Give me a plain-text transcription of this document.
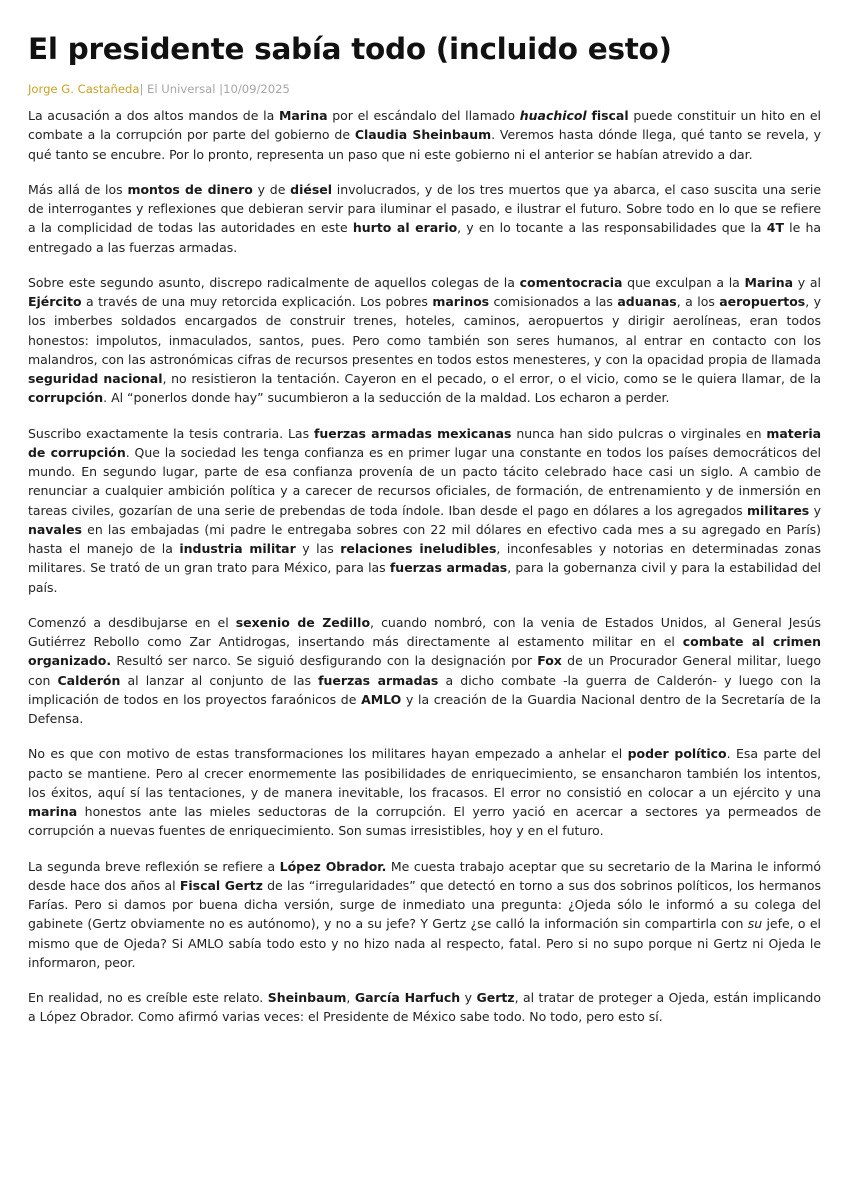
El presidente sabía todo (incluido esto)
Jorge G. Castañeda| El Universal |10/09/2025

La acusación a dos altos mandos de la Marina por el escándalo del llamado huachicol fiscal puede constituir un hito en el combate a la corrupción por parte del gobierno de Claudia Sheinbaum. Veremos hasta dónde llega, qué tanto se revela, y qué tanto se encubre. Por lo pronto, representa un paso que ni este gobierno ni el anterior se habían atrevido a dar.

Más allá de los montos de dinero y de diésel involucrados, y de los tres muertos que ya abarca, el caso suscita una serie de interrogantes y reflexiones que debieran servir para iluminar el pasado, e ilustrar el futuro. Sobre todo en lo que se refiere a la complicidad de todas las autoridades en este hurto al erario, y en lo tocante a las responsabilidades que la 4T le ha entregado a las fuerzas armadas.

Sobre este segundo asunto, discrepo radicalmente de aquellos colegas de la comentocracia que exculpan a la Marina y al Ejército a través de una muy retorcida explicación. Los pobres marinos comisionados a las aduanas, a los aeropuertos, y los imberbes soldados encargados de construir trenes, hoteles, caminos, aeropuertos y dirigir aerolíneas, eran todos honestos: impolutos, inmaculados, santos, pues. Pero como también son seres humanos, al entrar en contacto con los malandros, con las astronómicas cifras de recursos presentes en todos estos menesteres, y con la opacidad propia de llamada seguridad nacional, no resistieron la tentación. Cayeron en el pecado, o el error, o el vicio, como se le quiera llamar, de la corrupción. Al “ponerlos donde hay” sucumbieron a la seducción de la maldad. Los echaron a perder.

Suscribo exactamente la tesis contraria. Las fuerzas armadas mexicanas nunca han sido pulcras o virginales en materia de corrupción. Que la sociedad les tenga confianza es en primer lugar una constante en todos los países democráticos del mundo. En segundo lugar, parte de esa confianza provenía de un pacto tácito celebrado hace casi un siglo. A cambio de renunciar a cualquier ambición política y a carecer de recursos oficiales, de formación, de entrenamiento y de inmersión en tareas civiles, gozarían de una serie de prebendas de toda índole. Iban desde el pago en dólares a los agregados militares y navales en las embajadas (mi padre le entregaba sobres con 22 mil dólares en efectivo cada mes a su agregado en París) hasta el manejo de la industria militar y las relaciones ineludibles, inconfesables y notorias en determinadas zonas militares. Se trató de un gran trato para México, para las fuerzas armadas, para la gobernanza civil y para la estabilidad del país.

Comenzó a desdibujarse en el sexenio de Zedillo, cuando nombró, con la venia de Estados Unidos, al General Jesús Gutiérrez Rebollo como Zar Antidrogas, insertando más directamente al estamento militar en el combate al crimen organizado. Resultó ser narco. Se siguió desfigurando con la designación por Fox de un Procurador General militar, luego con Calderón al lanzar al conjunto de las fuerzas armadas a dicho combate -la guerra de Calderón- y luego con la implicación de todos en los proyectos faraónicos de AMLO y la creación de la Guardia Nacional dentro de la Secretaría de la Defensa.

No es que con motivo de estas transformaciones los militares hayan empezado a anhelar el poder político. Esa parte del pacto se mantiene. Pero al crecer enormemente las posibilidades de enriquecimiento, se ensancharon también los intentos, los éxitos, aquí sí las tentaciones, y de manera inevitable, los fracasos. El error no consistió en colocar a un ejército y una marina honestos ante las mieles seductoras de la corrupción. El yerro yació en acercar a sectores ya permeados de corrupción a nuevas fuentes de enriquecimiento. Son sumas irresistibles, hoy y en el futuro.

La segunda breve reflexión se refiere a López Obrador. Me cuesta trabajo aceptar que su secretario de la Marina le informó desde hace dos años al Fiscal Gertz de las “irregularidades” que detectó en torno a sus dos sobrinos políticos, los hermanos Farías. Pero si damos por buena dicha versión, surge de inmediato una pregunta: ¿Ojeda sólo le informó a su colega del gabinete (Gertz obviamente no es autónomo), y no a su jefe? Y Gertz ¿se calló la información sin compartirla con su jefe, o el mismo que de Ojeda? Si AMLO sabía todo esto y no hizo nada al respecto, fatal. Pero si no supo porque ni Gertz ni Ojeda le informaron, peor.

En realidad, no es creíble este relato. Sheinbaum, García Harfuch y Gertz, al tratar de proteger a Ojeda, están implicando a López Obrador. Como afirmó varias veces: el Presidente de México sabe todo. No todo, pero esto sí.
